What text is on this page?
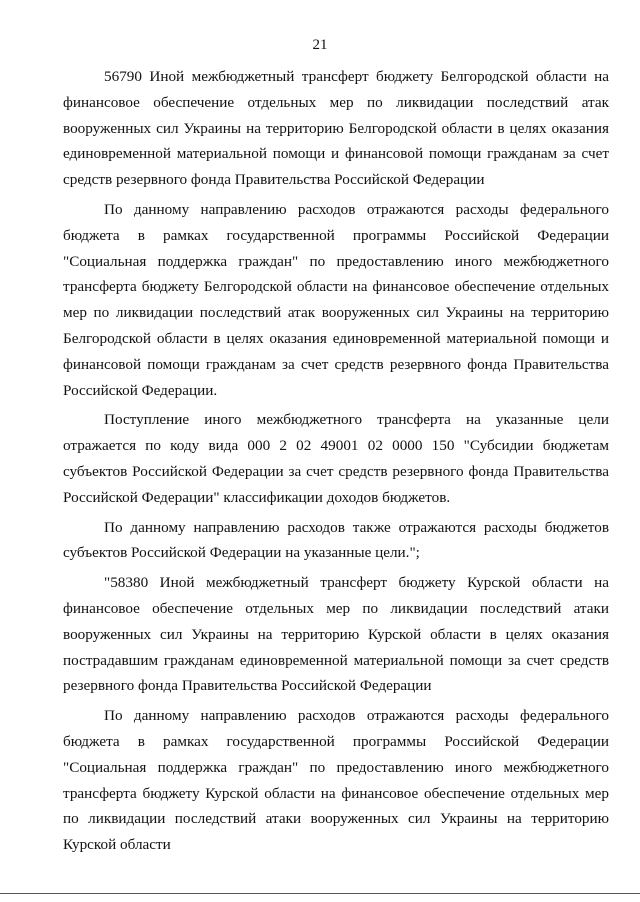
21

56790 Иной межбюджетный трансферт бюджету Белгородской области на финансовое обеспечение отдельных мер по ликвидации последствий атак вооруженных сил Украины на территорию Белгородской области в целях оказания единовременной материальной помощи и финансовой помощи гражданам за счет средств резервного фонда Правительства Российской Федерации

По данному направлению расходов отражаются расходы федерального бюджета в рамках государственной программы Российской Федерации "Социальная поддержка граждан" по предоставлению иного межбюджетного трансферта бюджету Белгородской области на финансовое обеспечение отдельных мер по ликвидации последствий атак вооруженных сил Украины на территорию Белгородской области в целях оказания единовременной материальной помощи и финансовой помощи гражданам за счет средств резервного фонда Правительства Российской Федерации.

Поступление иного межбюджетного трансферта на указанные цели отражается по коду вида 000 2 02 49001 02 0000 150 "Субсидии бюджетам субъектов Российской Федерации за счет средств резервного фонда Правительства Российской Федерации" классификации доходов бюджетов.

По данному направлению расходов также отражаются расходы бюджетов субъектов Российской Федерации на указанные цели.";

"58380 Иной межбюджетный трансферт бюджету Курской области на финансовое обеспечение отдельных мер по ликвидации последствий атаки вооруженных сил Украины на территорию Курской области в целях оказания пострадавшим гражданам единовременной материальной помощи за счет средств резервного фонда Правительства Российской Федерации

По данному направлению расходов отражаются расходы федерального бюджета в рамках государственной программы Российской Федерации "Социальная поддержка граждан" по предоставлению иного межбюджетного трансферта бюджету Курской области на финансовое обеспечение отдельных мер по ликвидации последствий атаки вооруженных сил Украины на территорию Курской области
